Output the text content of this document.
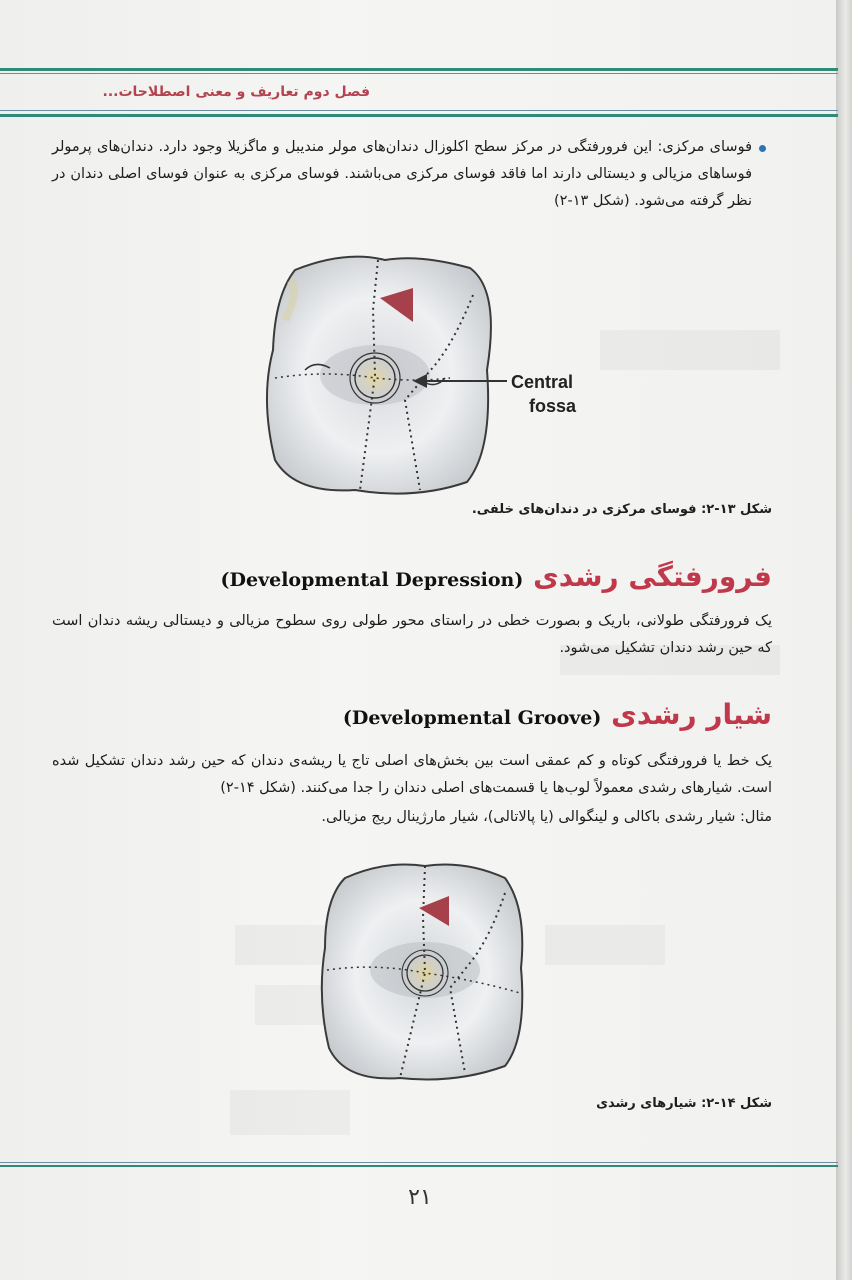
فصل دوم تعاریف و معنی اصطلاحات...
فوسای مرکزی: این فرورفتگی در مرکز سطح اکلوزال دندان‌های مولر مندیبل و ماگزیلا وجود دارد. دندان‌های پرمولر فوساهای مزیالی و دیستالی دارند اما فاقد فوسای مرکزی می‌باشند. فوسای مرکزی به عنوان فوسای اصلی دندان در نظر گرفته می‌شود. (شکل ۱۳-۲)
Central
fossa
شکل ۱۳-۲: فوسای مرکزی در دندان‌های خلفی.
فرورفتگی رشدی (Developmental Depression)
یک فرورفتگی طولانی، باریک و بصورت خطی در راستای محور طولی روی سطوح مزیالی و دیستالی ریشه دندان است که حین رشد دندان تشکیل می‌شود.
شیار رشدی (Developmental Groove)
یک خط یا فرورفتگی کوتاه و کم عمقی است بین بخش‌های اصلی تاج یا ریشه‌ی دندان که حین رشد دندان تشکیل شده است. شیارهای رشدی معمولاً لوب‌ها یا قسمت‌های اصلی دندان را جدا می‌کنند. (شکل ۱۴-۲)
مثال: شیار رشدی باکالی و لینگوالی (یا پالاتالی)، شیار مارژینال ریج مزیالی.
شکل ۱۴-۲: شیارهای رشدی
۲۱
